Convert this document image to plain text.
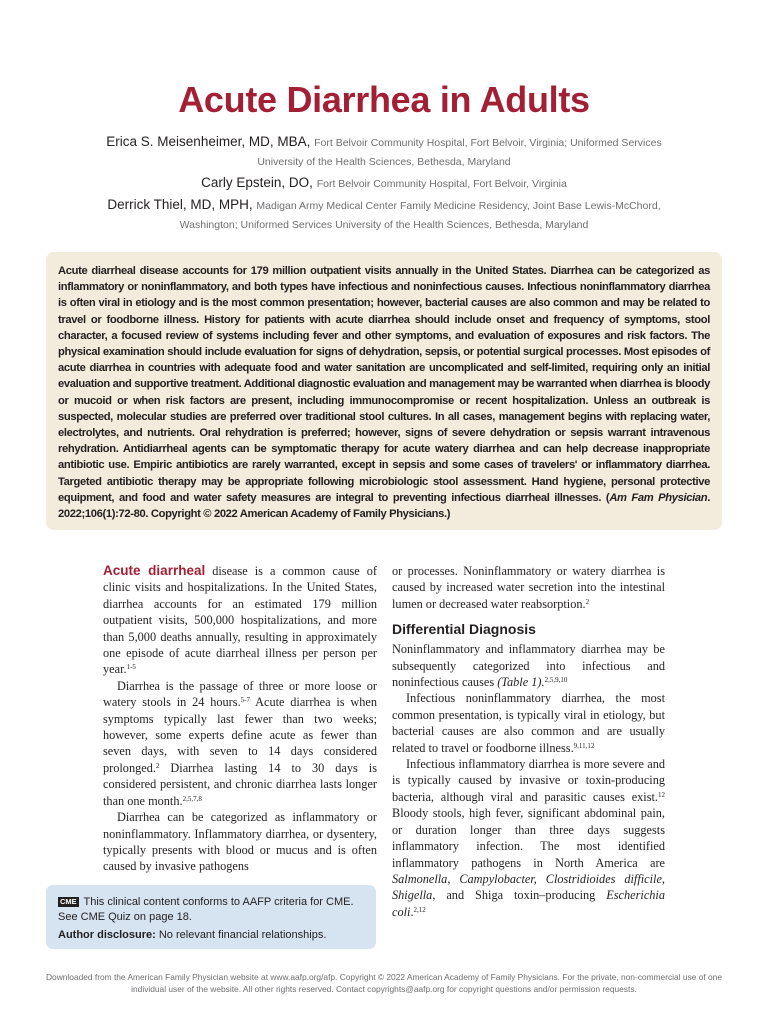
Acute Diarrhea in Adults
Erica S. Meisenheimer, MD, MBA, Fort Belvoir Community Hospital, Fort Belvoir, Virginia; Uniformed Services University of the Health Sciences, Bethesda, Maryland
Carly Epstein, DO, Fort Belvoir Community Hospital, Fort Belvoir, Virginia
Derrick Thiel, MD, MPH, Madigan Army Medical Center Family Medicine Residency, Joint Base Lewis-McChord, Washington; Uniformed Services University of the Health Sciences, Bethesda, Maryland
Acute diarrheal disease accounts for 179 million outpatient visits annually in the United States. Diarrhea can be categorized as inflammatory or noninflammatory, and both types have infectious and noninfectious causes. Infectious noninflammatory diarrhea is often viral in etiology and is the most common presentation; however, bacterial causes are also common and may be related to travel or foodborne illness. History for patients with acute diarrhea should include onset and frequency of symptoms, stool character, a focused review of systems including fever and other symptoms, and evaluation of exposures and risk factors. The physical examination should include evaluation for signs of dehydration, sepsis, or potential surgical processes. Most episodes of acute diarrhea in countries with adequate food and water sanitation are uncomplicated and self-limited, requiring only an initial evaluation and supportive treatment. Additional diagnostic evaluation and management may be warranted when diarrhea is bloody or mucoid or when risk factors are present, including immunocompromise or recent hospitalization. Unless an outbreak is suspected, molecular studies are preferred over traditional stool cultures. In all cases, management begins with replacing water, electrolytes, and nutrients. Oral rehydration is preferred; however, signs of severe dehydration or sepsis warrant intravenous rehydration. Antidiarrheal agents can be symptomatic therapy for acute watery diarrhea and can help decrease inappropriate antibiotic use. Empiric antibiotics are rarely warranted, except in sepsis and some cases of travelers' or inflammatory diarrhea. Targeted antibiotic therapy may be appropriate following microbiologic stool assessment. Hand hygiene, personal protective equipment, and food and water safety measures are integral to preventing infectious diarrheal illnesses. (Am Fam Physician. 2022;106(1):72-80. Copyright © 2022 American Academy of Family Physicians.)

Acute diarrheal disease is a common cause of clinic visits and hospitalizations. In the United States, diarrhea accounts for an estimated 179 million outpatient visits, 500,000 hospitalizations, and more than 5,000 deaths annually, resulting in approximately one episode of acute diarrheal illness per person per year.$^{1-5}$

Diarrhea is the passage of three or more loose or watery stools in 24 hours.$^{5-7}$ Acute diarrhea is when symptoms typically last fewer than two weeks; however, some experts define acute as fewer than seven days, with seven to 14 days considered prolonged.$^2$ Diarrhea lasting 14 to 30 days is considered persistent, and chronic diarrhea lasts longer than one month.$^{2,5,7,8}$

Diarrhea can be categorized as inflammatory or noninflammatory. Inflammatory diarrhea, or dysentery, typically presents with blood or mucus and is often caused by invasive pathogens

or processes. Noninflammatory or watery diarrhea is caused by increased water secretion into the intestinal lumen or decreased water reabsorption.$^2$

Differential Diagnosis

Noninflammatory and inflammatory diarrhea may be subsequently categorized into infectious and noninfectious causes (Table 1).$^{2,5,9,10}$

Infectious noninflammatory diarrhea, the most common presentation, is typically viral in etiology, but bacterial causes are also common and are usually related to travel or foodborne illness.$^{9,11,12}$

Infectious inflammatory diarrhea is more severe and is typically caused by invasive or toxin-producing bacteria, although viral and parasitic causes exist.$^{12}$ Bloody stools, high fever, significant abdominal pain, or duration longer than three days suggests inflammatory infection. The most identified inflammatory pathogens in North America are Salmonella, Campylobacter, Clostridioides difficile, Shigella, and Shiga toxin–producing Escherichia coli.$^{2,12}$

CME This clinical content conforms to AAFP criteria for CME. See CME Quiz on page 18.
Author disclosure: No relevant financial relationships.
Downloaded from the American Family Physician website at www.aafp.org/afp. Copyright © 2022 American Academy of Family Physicians. For the private, non-commercial use of one individual user of the website. All other rights reserved. Contact copyrights@aafp.org for copyright questions and/or permission requests.
